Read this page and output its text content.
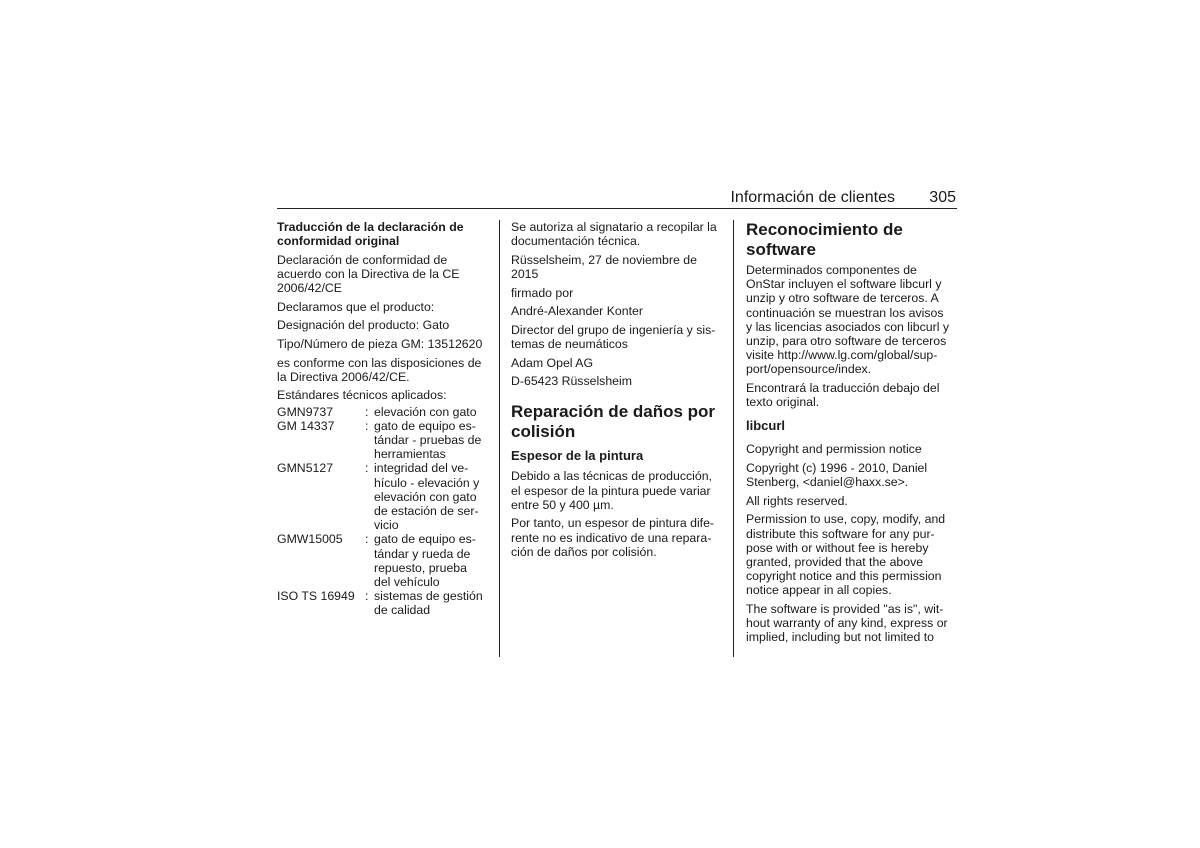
Información de clientes 305

Traducción de la declaración de
conformidad original

Declaración de conformidad de
acuerdo con la Directiva de la CE
2006/42/CE

Declaramos que el producto:

Designación del producto: Gato

Tipo/Número de pieza GM: 13512620

es conforme con las disposiciones de
la Directiva 2006/42/CE.

Estándares técnicos aplicados:

GMN9737	: elevación con gato
GM 14337	: gato de equipo es-
tándar - pruebas de
herramientas
GMN5127	: integridad del ve-
hículo - elevación y
elevación con gato
de estación de ser-
vicio
GMW15005	: gato de equipo es-
tándar y rueda de
repuesto, prueba
del vehículo
ISO TS 16949 : sistemas de gestión
de calidad

Se autoriza al signatario a recopilar la
documentación técnica.

Rüsselsheim, 27 de noviembre de
2015

firmado por

André-Alexander Konter

Director del grupo de ingeniería y sis-
temas de neumáticos

Adam Opel AG

D-65423 Rüsselsheim

Reparación de daños por
colisión

Espesor de la pintura

Debido a las técnicas de producción,
el espesor de la pintura puede variar
entre 50 y 400 µm.

Por tanto, un espesor de pintura dife-
rente no es indicativo de una repara-
ción de daños por colisión.

Reconocimiento de
software

Determinados componentes de
OnStar incluyen el software libcurl y
unzip y otro software de terceros. A
continuación se muestran los avisos
y las licencias asociados con libcurl y
unzip, para otro software de terceros
visite http://www.lg.com/global/sup-
port/opensource/index.

Encontrará la traducción debajo del
texto original.

libcurl

Copyright and permission notice

Copyright (c) 1996 - 2010, Daniel
Stenberg, <daniel@haxx.se>.

All rights reserved.

Permission to use, copy, modify, and
distribute this software for any pur-
pose with or without fee is hereby
granted, provided that the above
copyright notice and this permission
notice appear in all copies.

The software is provided "as is", wit-
hout warranty of any kind, express or
implied, including but not limited to
